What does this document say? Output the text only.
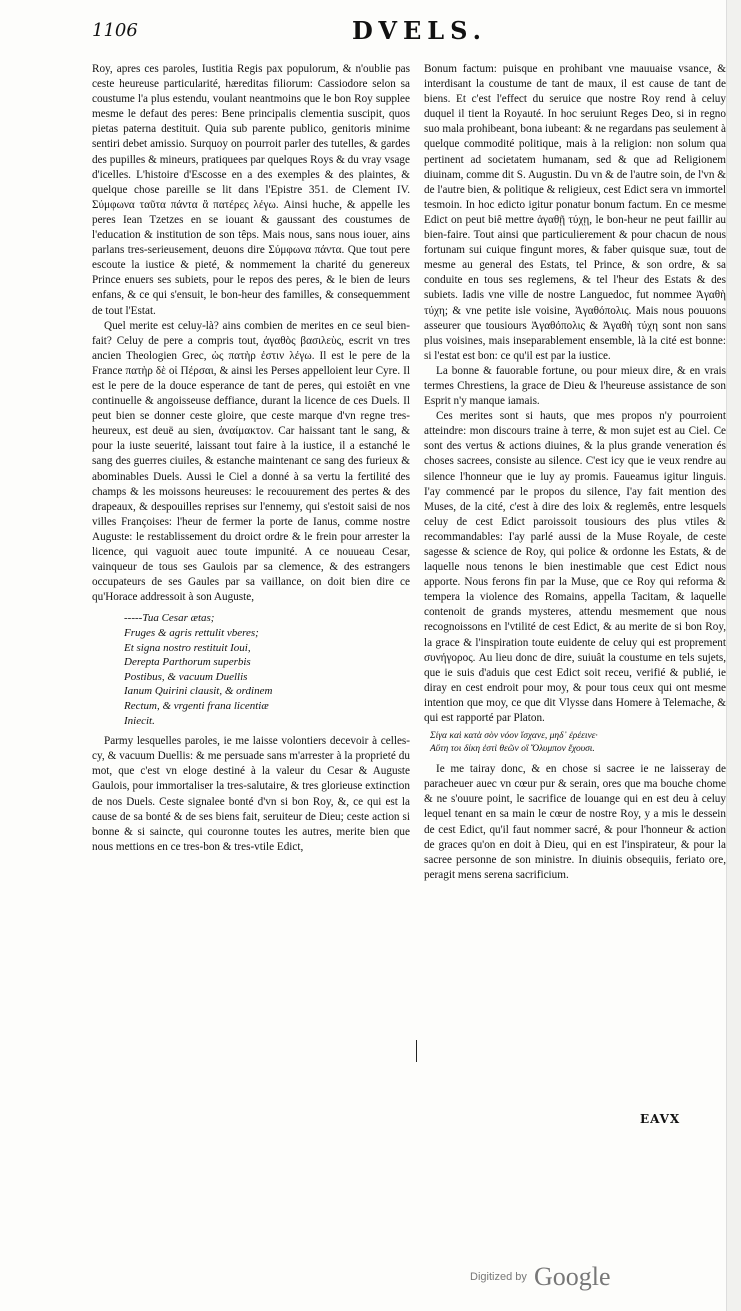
1106	DVELS.

Roy, apres ces paroles, Iustitia Regis pax populorum, & n'oublie pas ceste heureuse particularité, hæreditas filiorum: Cassiodore selon sa coustume l'a plus estendu, voulant neantmoins que le bon Roy supplee mesme le defaut des peres: Bene principalis clementia suscipit, quos pietas paterna destituit. Quia sub parente publico, genitoris minime sentiri debet amissio. Surquoy on pourroit parler des tutelles, & gardes des pupilles & mineurs, pratiquees par quelques Roys & du vray vsage d'icelles. L'histoire d'Escosse en a des exemples & des plaintes, & quelque chose pareille se lit dans l'Epistre 351. de Clement IV. Σύμφωνα ταῦτα πάντα ἃ πατέρες λέγω. Ainsi huche, & appelle les peres Iean Tzetzes en se iouant & gaussant des coustumes de l'education & institution de son têps. Mais nous, sans nous iouer, ains parlans tres-serieusement, deuons dire Σύμφωνα πάντα. Que tout pere escoute la iustice & pieté, & nommement la charité du genereux Prince enuers ses subiets, pour le repos des peres, & le bien de leurs enfans, & ce qui s'ensuit, le bon-heur des familles, & consequemment de tout l'Estat.

Quel merite est celuy-là? ains combien de merites en ce seul bien-fait? Celuy de pere a compris tout, ἀγαθὸς βασιλεὺς, escrit vn tres ancien Theologien Grec, ὡς πατὴρ ἐστιν λέγω. Il est le pere de la France πατὴρ δὲ οἱ Πέρσαι, & ainsi les Perses appelloient leur Cyre. Il est le pere de la douce esperance de tant de peres, qui estoiêt en vne continuelle & angoisseuse deffiance, durant la licence de ces Duels. Il peut bien se donner ceste gloire, que ceste marque d'vn regne tres-heureux, est deuë au sien, ἀναίμακτον. Car haissant tant le sang, & pour la iuste seuerité, laissant tout faire à la iustice, il a estanché le sang des guerres ciuiles, & estanche maintenant ce sang des furieux & abominables Duels. Aussi le Ciel a donné à sa vertu la fertilité des champs & les moissons heureuses: le recouurement des pertes & des drapeaux, & despouilles reprises sur l'ennemy, qui s'estoit saisi de nos villes Françoises: l'heur de fermer la porte de Ianus, comme nostre Auguste: le restablissement du droict ordre & le frein pour arrester la licence, qui vaguoit auec toute impunité. A ce nouueau Cesar, vainqueur de tous ses Gaulois par sa clemence, & des estrangers occupateurs de ses Gaules par sa vaillance, on doit bien dire ce qu'Horace addressoit à son Auguste,

-----Tua Cesar ætas;
Fruges & agris rettulit vberes;
Et signa nostro restituit Ioui,
Derepta Parthorum superbis
Postibus, & vacuum Duellis
Ianum Quirini clausit, & ordinem
Rectum, & vrgenti frana licentiæ
Iniecit.

Parmy lesquelles paroles, ie me laisse volontiers decevoir à celles-cy, & vacuum Duellis: & me persuade sans m'arrester à la proprieté du mot, que c'est vn eloge destiné à la valeur du Cesar & Auguste Gaulois, pour immortaliser la tres-salutaire, & tres glorieuse extinction de nos Duels. Ceste signalee bonté d'vn si bon Roy, &, ce qui est la cause de sa bonté & de ses biens fait, seruiteur de Dieu; ceste action si bonne & si saincte, qui couronne toutes les autres, merite bien que nous mettions en ce tres-bon & tres-vtile Edict,

Bonum factum: puisque en prohibant vne mauuaise vsance, & interdisant la coustume de tant de maux, il est cause de tant de biens. Et c'est l'effect du seruice que nostre Roy rend à celuy duquel il tient la Royauté. In hoc seruiunt Reges Deo, si in regno suo mala prohibeant, bona iubeant: & ne regardans pas seulement à quelque commodité politique, mais à la religion: non solum qua pertinent ad societatem humanam, sed & que ad Religionem diuinam, comme dit S. Augustin. Du vn & de l'autre soin, de l'vn & de l'autre bien, & politique & religieux, cest Edict sera vn immortel tesmoin. In hoc edicto igitur ponatur bonum factum. En ce mesme Edict on peut biê mettre ἀγαθῇ τύχῃ, le bon-heur ne peut faillir au bien-faire. Tout ainsi que particulierement & pour chacun de nous fortunam sui cuique fingunt mores, & faber quisque suæ, tout de mesme au general des Estats, tel Prince, & son ordre, & sa conduite en tous ses reglemens, & tel l'heur des Estats & des subiets. Iadis vne ville de nostre Languedoc, fut nommee Ἀγαθὴ τύχη; & vne petite isle voisine, Ἀγαθόπολις. Mais nous pouuons asseurer que tousiours Ἀγαθόπολις & Ἀγαθὴ τύχη sont non sans plus voisines, mais inseparablement ensemble, là la cité est bonne: si l'estat est bon: ce qu'il est par la iustice.

La bonne & fauorable fortune, ou pour mieux dire, & en vrais termes Chrestiens, la grace de Dieu & l'heureuse assistance de son Esprit n'y manque iamais.

Ces merites sont si hauts, que mes propos n'y pourroient atteindre: mon discours traine à terre, & mon sujet est au Ciel. Ce sont des vertus & actions diuines, & la plus grande veneration és choses sacrees, consiste au silence. C'est icy que ie veux rendre au silence l'honneur que ie luy ay promis. Faueamus igitur linguis. I'ay commencé par le propos du silence, I'ay fait mention des Muses, de la cité, c'est à dire des loix & reglemês, entre lesquels celuy de cest Edict paroissoit tousiours des plus vtiles & recommandables: I'ay parlé aussi de la Muse Royale, de ceste sagesse & science de Roy, qui police & ordonne les Estats, & de laquelle nous tenons le bien inestimable que cest Edict nous apporte. Nous ferons fin par la Muse, que ce Roy qui reforma & tempera la violence des Romains, appella Tacitam, & laquelle contenoit de grands mysteres, attendu mesmement que nous recognoissons en l'vtilité de cest Edict, & au merite de si bon Roy, la grace & l'inspiration toute euidente de celuy qui est proprement συνήγορος. Au lieu donc de dire, suiuât la coustume en tels sujets, que ie suis d'aduis que cest Edict soit receu, verifié & publié, ie diray en cest endroit pour moy, & pour tous ceux qui ont mesme intention que moy, ce que dit Vlysse dans Homere à Telemache, & qui est rapporté par Platon.

Σίγα καὶ κατὰ σὸν νόον ἴσχανε, μηδ᾽ ἐρέεινε·
Αὕτη τοι δίκη ἐστὶ θεῶν οἳ Ὄλυμπον ἔχουσι.

Ie me tairay donc, & en chose si sacree ie ne laisseray de paracheuer auec vn cœur pur & serain, ores que ma bouche chome & ne s'ouure point, le sacrifice de louange qui en est deu à celuy lequel tenant en sa main le cœur de nostre Roy, y a mis le dessein de cest Edict, qu'il faut nommer sacré, & pour l'honneur & action de graces qu'on en doit à Dieu, qui en est l'inspirateur, & pour la sacree personne de son ministre. In diuinis obsequiis, feriato ore, peragit mens serena sacrificium.

EAVX
Digitized by Google
